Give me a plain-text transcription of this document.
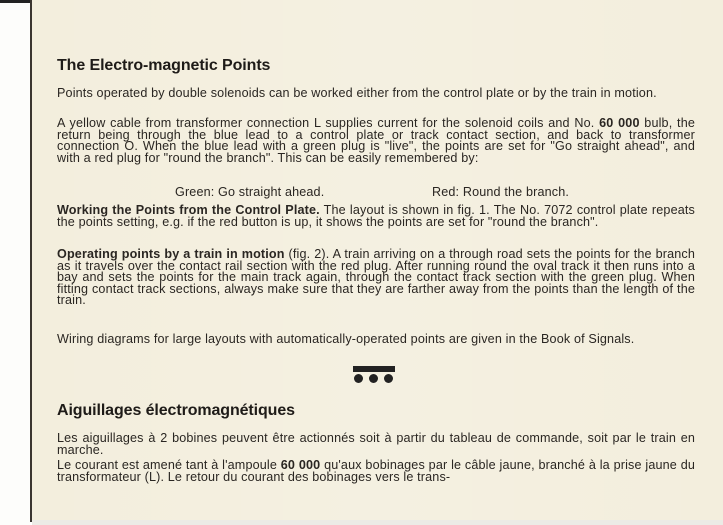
The Electro-magnetic Points

Points operated by double solenoids can be worked either from the control plate or by the train in motion.

A yellow cable from transformer connection L supplies current for the solenoid coils and No. 60 000 bulb, the return being through the blue lead to a control plate or track contact section, and back to transformer connection O. When the blue lead with a green plug is "live", the points are set for "Go straight ahead", and with a red plug for "round the branch". This can be easily remembered by:

Green: Go straight ahead.	Red: Round the branch.

Working the Points from the Control Plate. The layout is shown in fig. 1. The No. 7072 control plate repeats the points setting, e.g. if the red button is up, it shows the points are set for "round the branch".

Operating points by a train in motion (fig. 2). A train arriving on a through road sets the points for the branch as it travels over the contact rail section with the red plug. After running round the oval track it then runs into a bay and sets the points for the main track again, through the contact track section with the green plug. When fitting contact track sections, always make sure that they are farther away from the points than the length of the train.

Wiring diagrams for large layouts with automatically-operated points are given in the Book of Signals.

Aiguillages électromagnétiques

Les aiguillages à 2 bobines peuvent être actionnés soit à partir du tableau de commande, soit par le train en marche.

Le courant est amené tant à l'ampoule 60 000 qu'aux bobinages par le câble jaune, branché à la prise jaune du transformateur (L). Le retour du courant des bobinages vers le trans-
